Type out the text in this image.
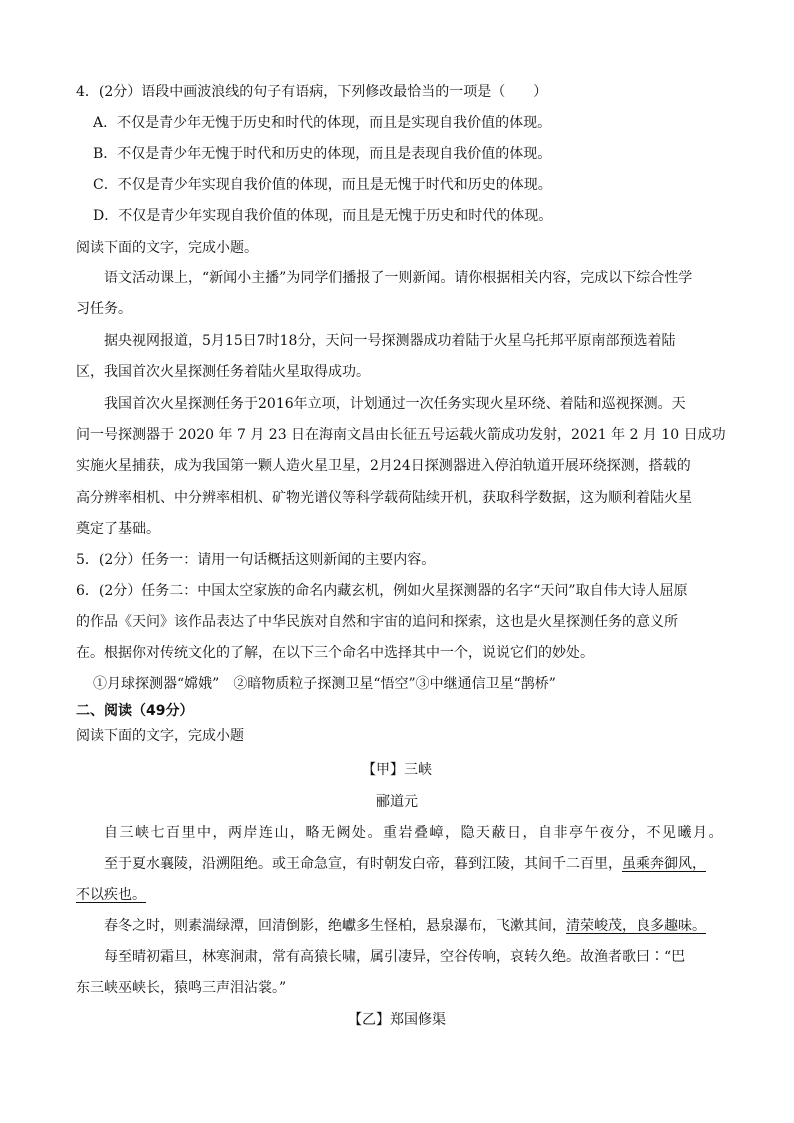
4．(2分）语段中画波浪线的句子有语病，下列修改最恰当的一项是（　　）
A．不仅是青少年无愧于历史和时代的体现，而且是实现自我价值的体现。
B．不仅是青少年无愧于时代和历史的体现，而且是表现自我价值的体现。
C．不仅是青少年实现自我价值的体现，而且是无愧于时代和历史的体现。
D．不仅是青少年实现自我价值的体现，而且是无愧于历史和时代的体现。
阅读下面的文字，完成小题。
语文活动课上，“新闻小主播”为同学们播报了一则新闻。请你根据相关内容，完成以下综合性学
习任务。
据央视网报道，5月15日7时18分，天问一号探测器成功着陆于火星乌托邦平原南部预选着陆
区，我国首次火星探测任务着陆火星取得成功。
我国首次火星探测任务于2016年立项，计划通过一次任务实现火星环绕、着陆和巡视探测。天
问一号探测器于 2020 年 7 月 23 日在海南文昌由长征五号运载火箭成功发射，2021 年 2 月 10 日成功
实施火星捕获，成为我国第一颗人造火星卫星，2月24日探测器进入停泊轨道开展环绕探测，搭载的
高分辨率相机、中分辨率相机、矿物光谱仪等科学载荷陆续开机，获取科学数据，这为顺利着陆火星
奠定了基础。
5．(2分）任务一：请用一句话概括这则新闻的主要内容。
6．(2分）任务二：中国太空家族的命名内藏玄机，例如火星探测器的名字“天问”取自伟大诗人屈原
的作品《天问》该作品表达了中华民族对自然和宇宙的追问和探索，这也是火星探测任务的意义所
在。根据你对传统文化的了解，在以下三个命名中选择其中一个，说说它们的妙处。
①月球探测器“嫦娥”　②暗物质粒子探测卫星“悟空”③中继通信卫星“鹊桥”
二、阅读（49分）
阅读下面的文字，完成小题
【甲】三峡
郦道元
自三峡七百里中，两岸连山，略无阙处。重岩叠嶂，隐天蔽日，自非亭午夜分，不见曦月。
至于夏水襄陵，沿溯阻绝。或王命急宣，有时朝发白帝，暮到江陵，其间千二百里，虽乘奔御风，
不以疾也。
春冬之时，则素湍绿潭，回清倒影，绝巘多生怪柏，悬泉瀑布，飞漱其间，清荣峻茂，良多趣味。
每至晴初霜旦，林寒涧肃，常有高猿长啸，属引凄异，空谷传响，哀转久绝。故渔者歌曰∶“巴
东三峡巫峡长，猿鸣三声泪沾裳。”
【乙】郑国修渠
